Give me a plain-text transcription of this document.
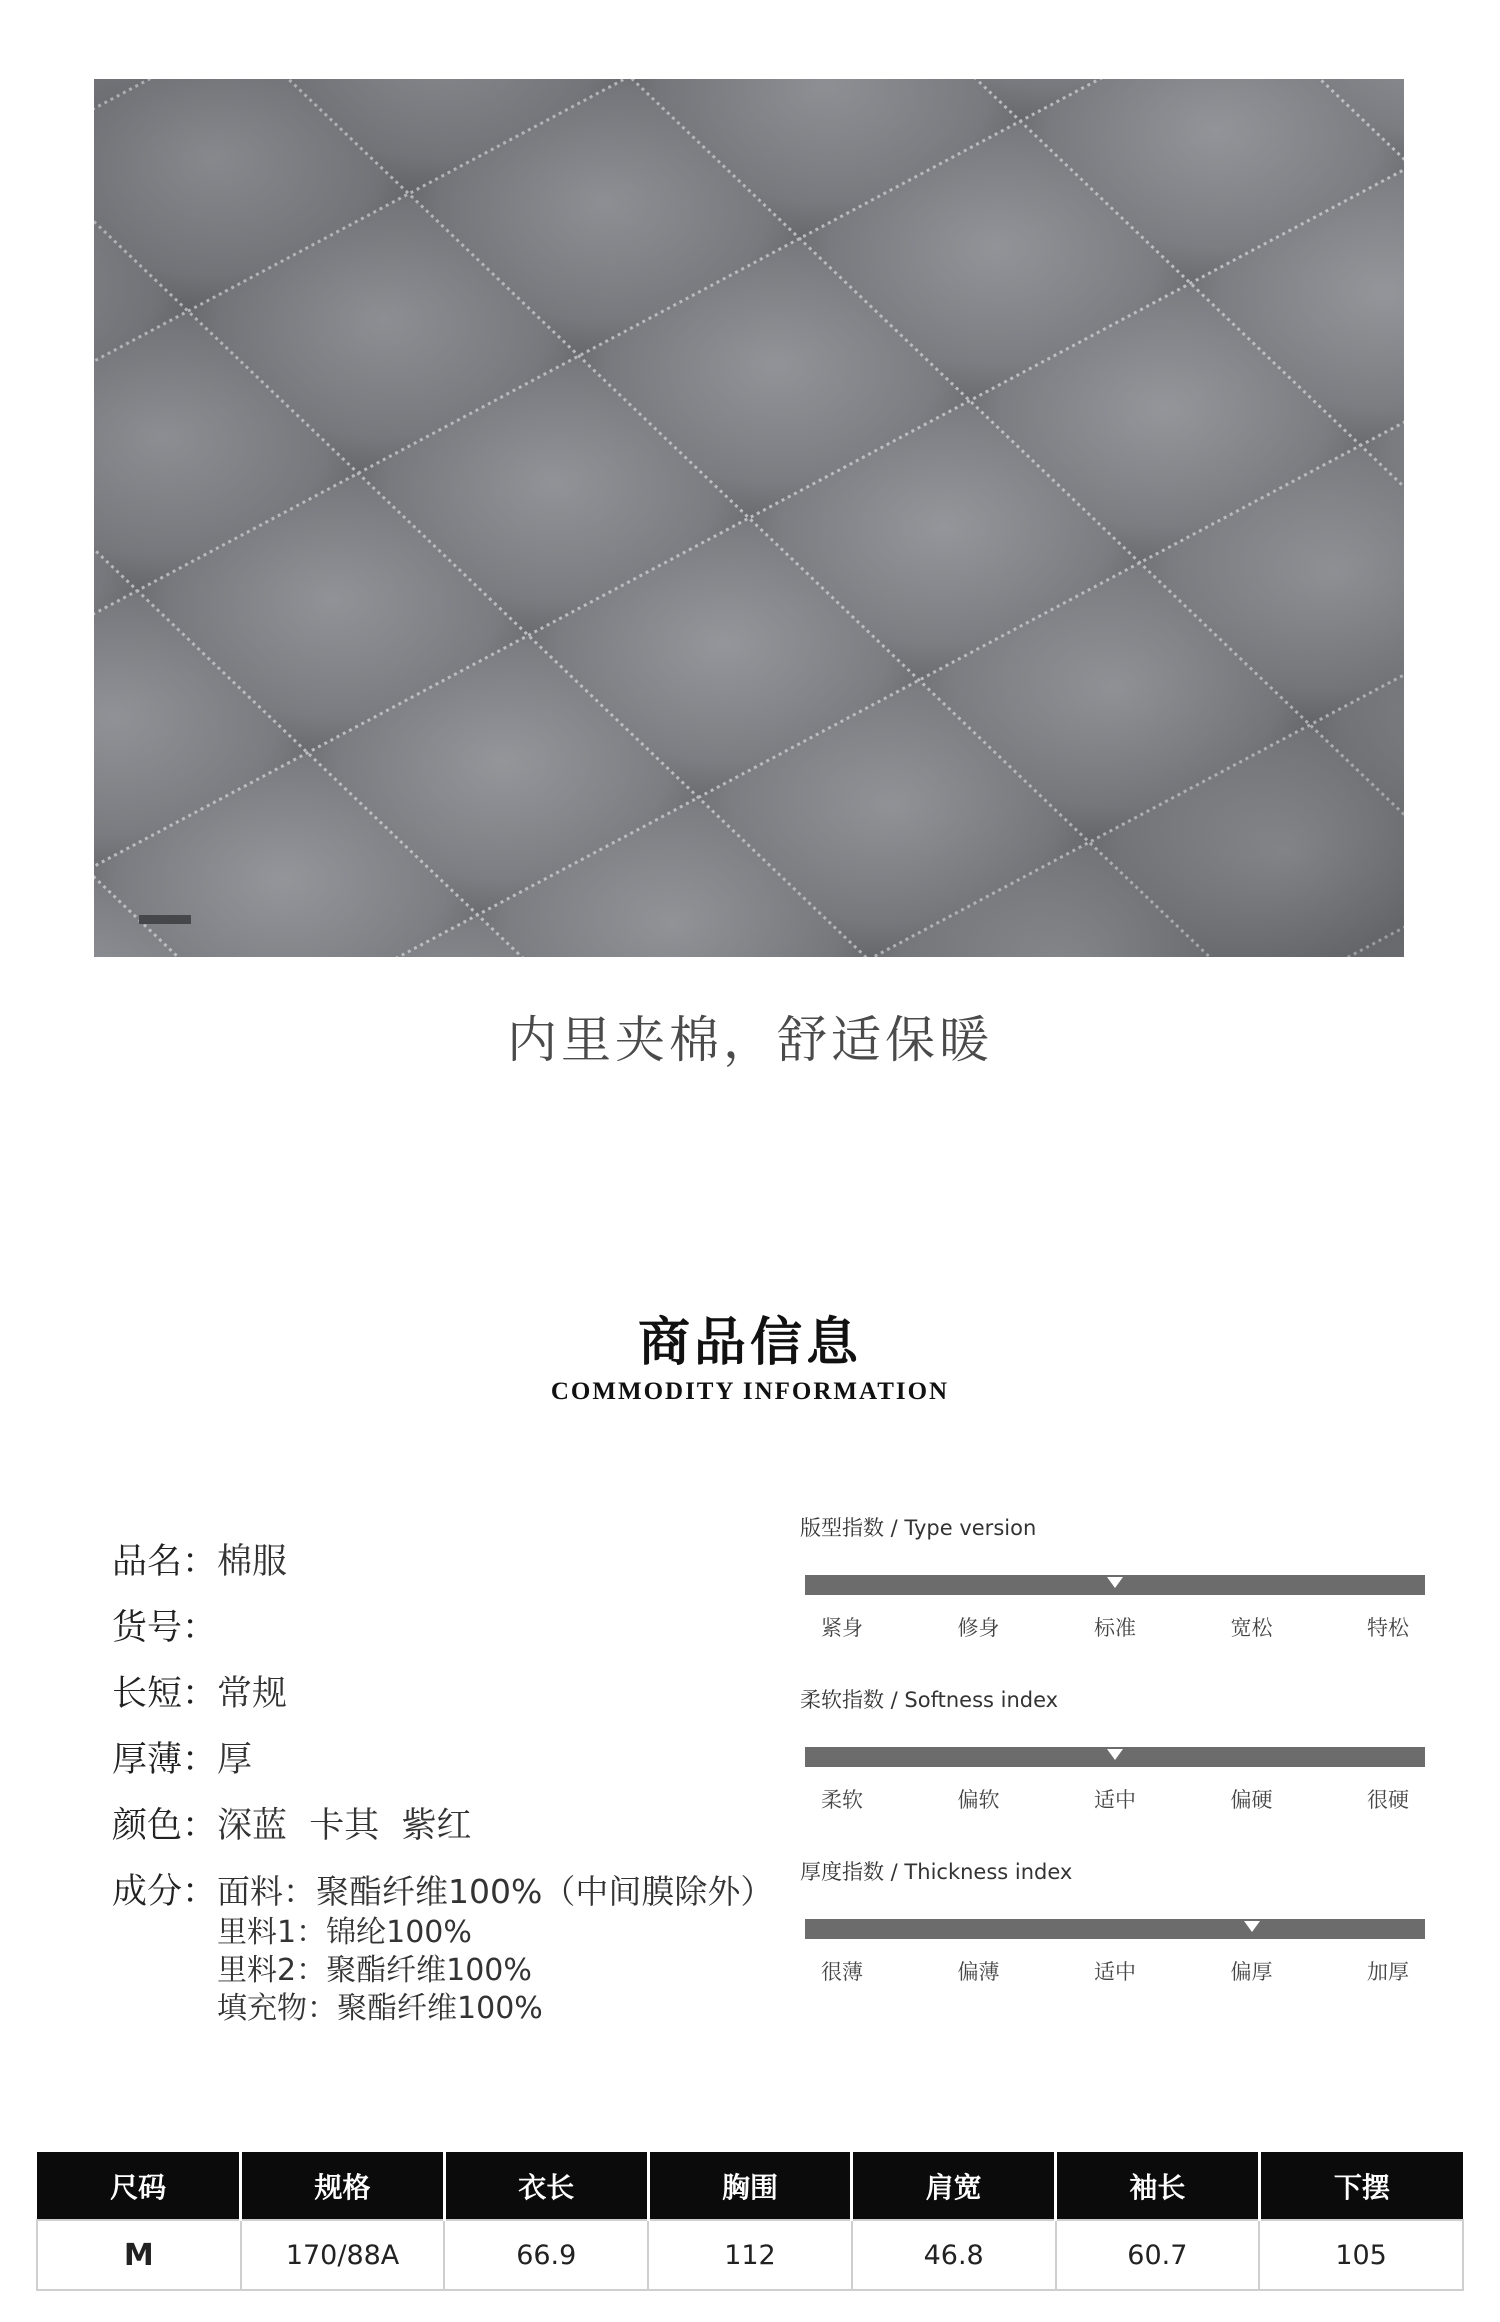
内里夹棉，舒适保暖
商品信息
COMMODITY INFORMATION
品名： 棉服
货号：
长短： 常规
厚薄： 厚
颜色： 深蓝  卡其  紫红
成分： 面料：聚酯纤维100%（中间膜除外）
里料1：锦纶100%
里料2：聚酯纤维100%
填充物：聚酯纤维100%
版型指数 / Type version
紧身	修身	标准	宽松	特松
柔软指数 / Softness index
柔软	偏软	适中	偏硬	很硬
厚度指数 / Thickness index
很薄	偏薄	适中	偏厚	加厚
尺码	规格	衣长	胸围	肩宽	袖长	下摆
M	170/88A	66.9	112	46.8	60.7	105
